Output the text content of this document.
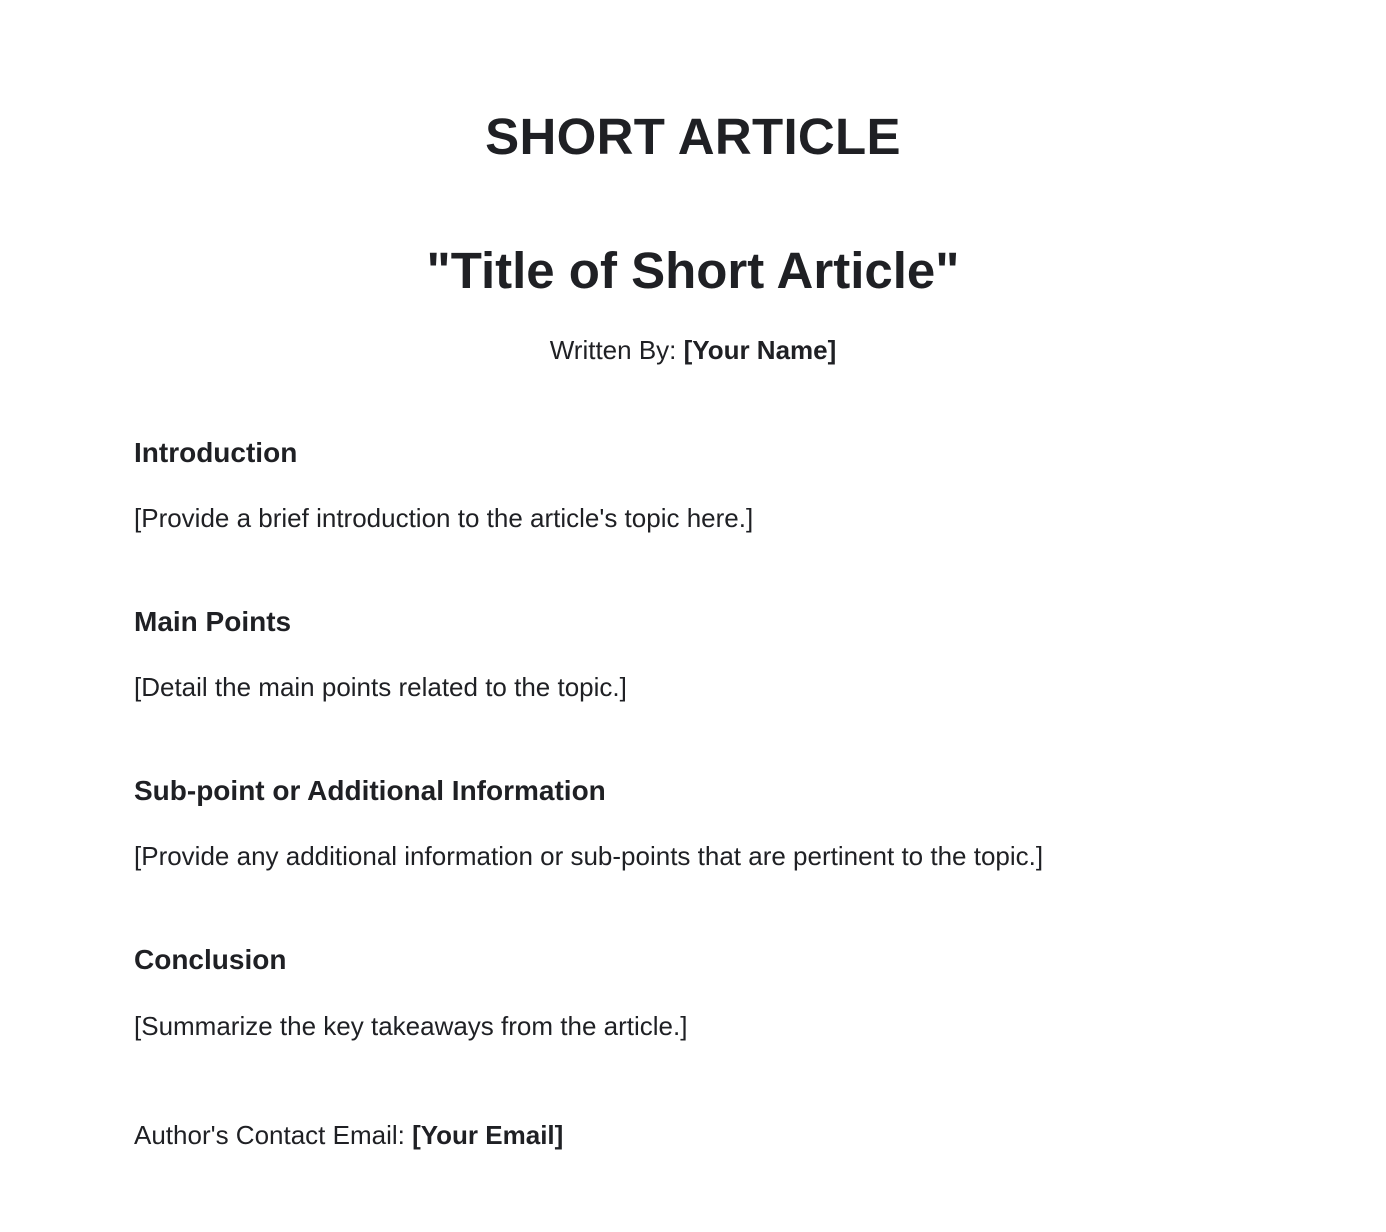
SHORT ARTICLE
"Title of Short Article"

Written By: [Your Name]

Introduction

[Provide a brief introduction to the article's topic here.]

Main Points

[Detail the main points related to the topic.]

Sub-point or Additional Information

[Provide any additional information or sub-points that are pertinent to the topic.]

Conclusion

[Summarize the key takeaways from the article.]

Author's Contact Email: [Your Email]
